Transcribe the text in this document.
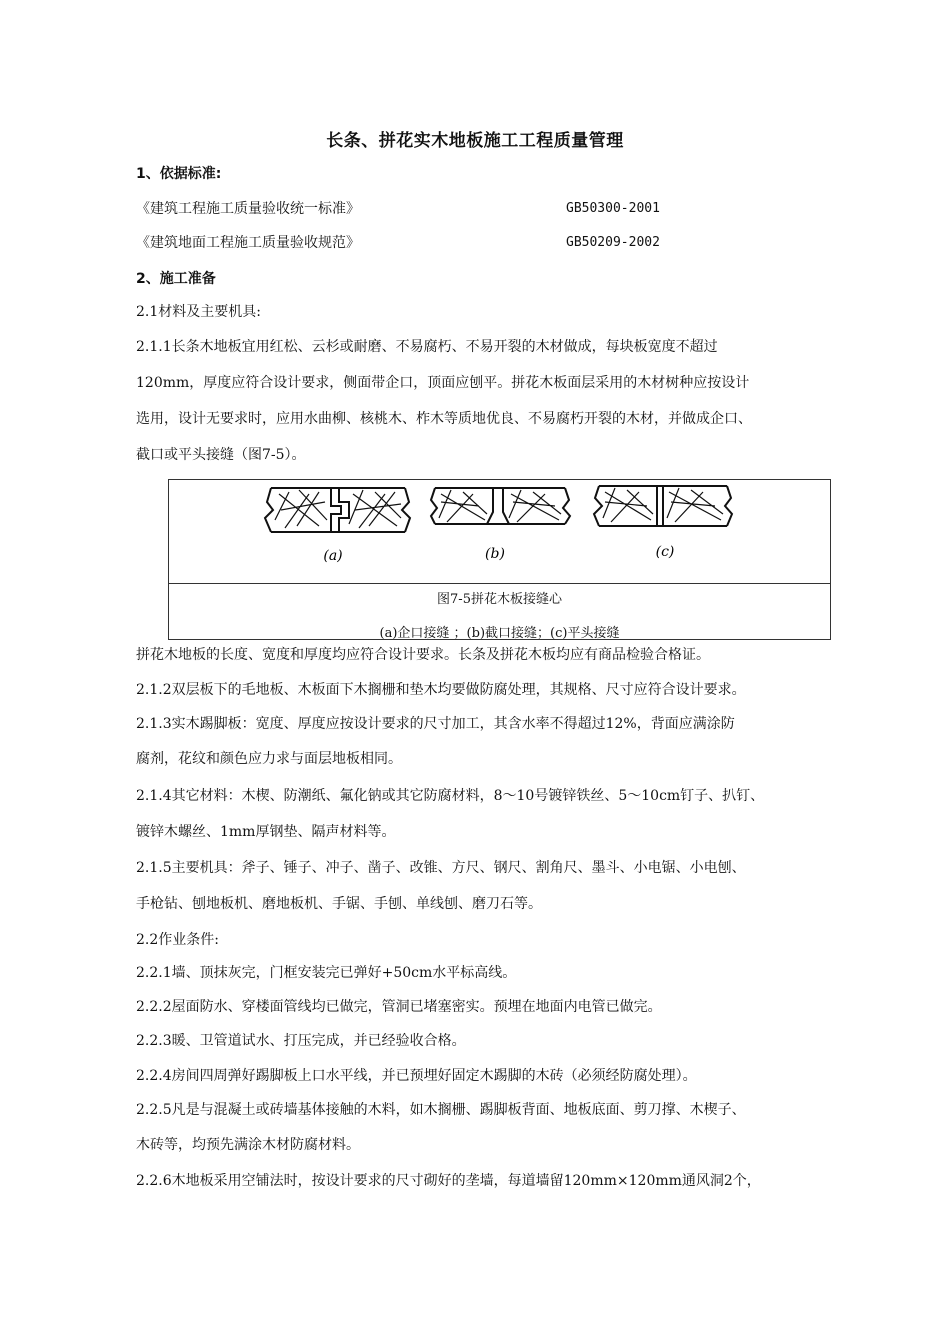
长条、拼花实木地板施工工程质量管理
1、依据标准:
《建筑工程施工质量验收统一标准》	GB50300-2001
《建筑地面工程施工质量验收规范》	GB50209-2002
2、施工准备
2.1材料及主要机具:
2.1.1长条木地板宜用红松、云杉或耐磨、不易腐朽、不易开裂的木材做成，每块板宽度不超过
120mm，厚度应符合设计要求，侧面带企口，顶面应刨平。拼花木板面层采用的木材树种应按设计
选用，设计无要求时，应用水曲柳、核桃木、柞木等质地优良、不易腐朽开裂的木材，并做成企口、
截口或平头接缝（图7-5）。
(a)	(b)	(c)
图7-5拼花木板接缝心
(a)企口接缝 ；(b)截口接缝；(c)平头接缝
拼花木地板的长度、宽度和厚度均应符合设计要求。长条及拼花木板均应有商品检验合格证。
2.1.2双层板下的毛地板、木板面下木搁栅和垫木均要做防腐处理，其规格、尺寸应符合设计要求。
2.1.3实木踢脚板：宽度、厚度应按设计要求的尺寸加工，其含水率不得超过12%，背面应满涂防
腐剂，花纹和颜色应力求与面层地板相同。
2.1.4其它材料：木楔、防潮纸、氟化钠或其它防腐材料，8～10号镀锌铁丝、5～10cm钉子、扒钉、
镀锌木螺丝、1mm厚钢垫、隔声材料等。
2.1.5主要机具：斧子、锤子、冲子、凿子、改锥、方尺、钢尺、割角尺、墨斗、小电锯、小电刨、
手枪钻、刨地板机、磨地板机、手锯、手刨、单线刨、磨刀石等。
2.2作业条件:
2.2.1墙、顶抹灰完，门框安装完已弹好+50cm水平标高线。
2.2.2屋面防水、穿楼面管线均已做完，管洞已堵塞密实。预埋在地面内电管已做完。
2.2.3暖、卫管道试水、打压完成，并已经验收合格。
2.2.4房间四周弹好踢脚板上口水平线，并已预埋好固定木踢脚的木砖（必须经防腐处理）。
2.2.5凡是与混凝土或砖墙基体接触的木料，如木搁栅、踢脚板背面、地板底面、剪刀撑、木楔子、
木砖等，均预先满涂木材防腐材料。
2.2.6木地板采用空铺法时，按设计要求的尺寸砌好的垄墙，每道墙留120mm×120mm通风洞2个，
